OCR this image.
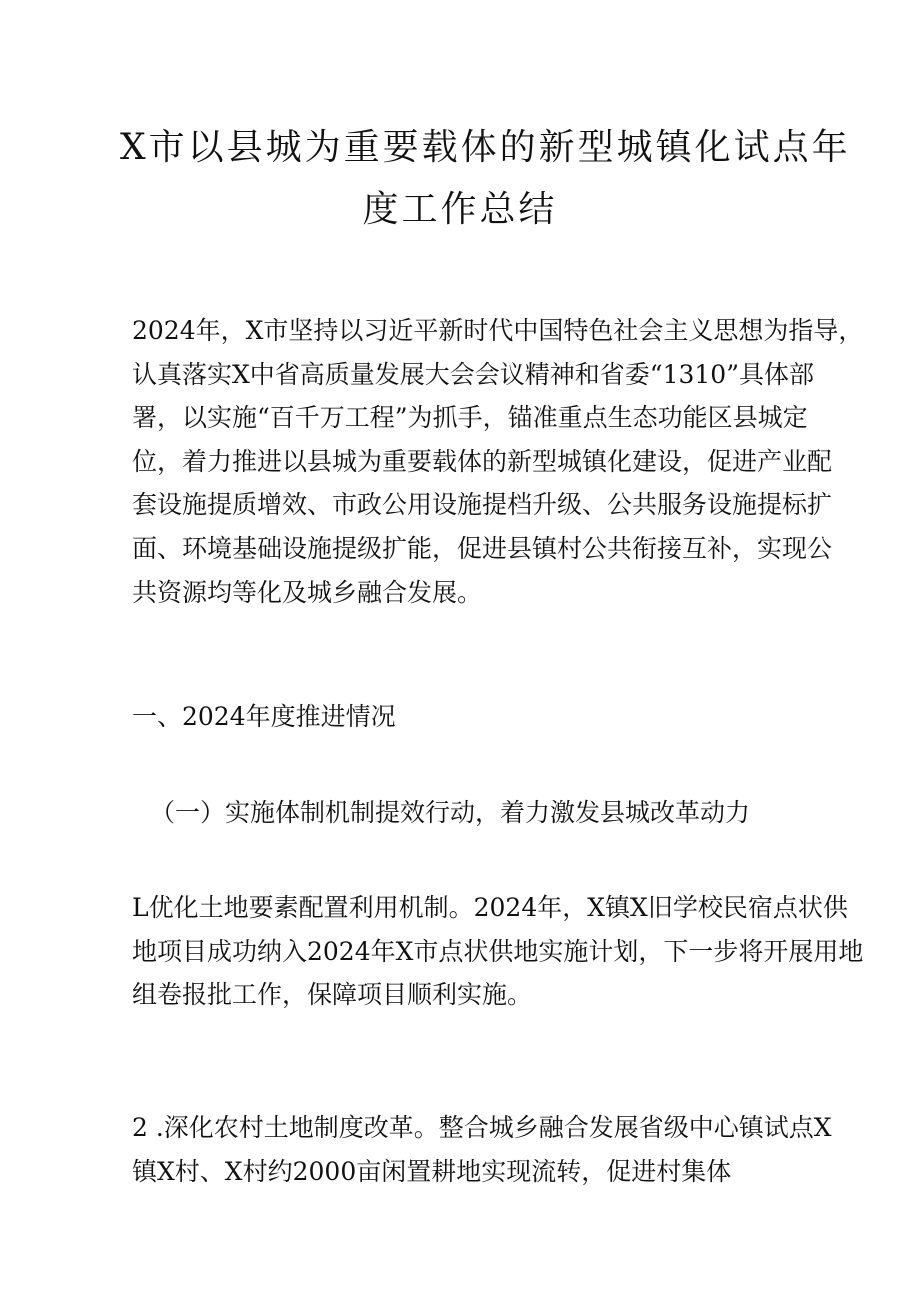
X市以县城为重要载体的新型城镇化试点年
度工作总结

2024年，X市坚持以习近平新时代中国特色社会主义思想为指导，
认真落实X中省高质量发展大会会议精神和省委“1310”具体部
署，以实施“百千万工程”为抓手，锚准重点生态功能区县城定
位，着力推进以县城为重要载体的新型城镇化建设，促进产业配
套设施提质增效、市政公用设施提档升级、公共服务设施提标扩
面、环境基础设施提级扩能，促进县镇村公共衔接互补，实现公
共资源均等化及城乡融合发展。

一、2024年度推进情况

（一）实施体制机制提效行动，着力激发县城改革动力

L优化土地要素配置利用机制。2024年，X镇X旧学校民宿点状供
地项目成功纳入2024年X市点状供地实施计划，下一步将开展用地
组卷报批工作，保障项目顺利实施。

2 .深化农村土地制度改革。整合城乡融合发展省级中心镇试点X
镇X村、X村约2000亩闲置耕地实现流转，促进村集体
